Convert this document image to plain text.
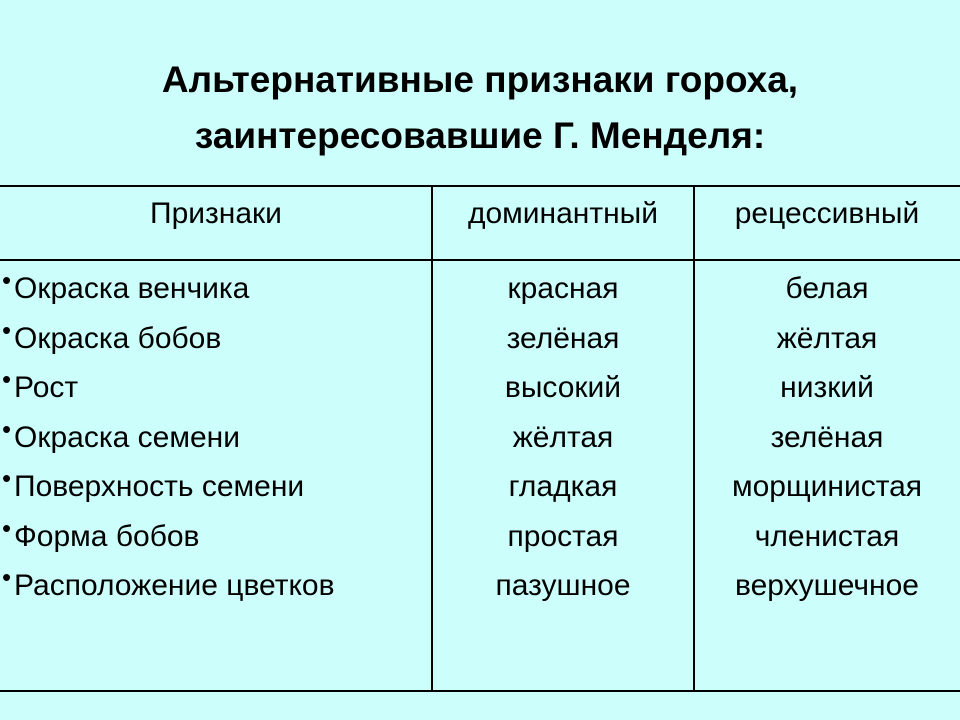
Альтернативные признаки гороха,
заинтересовавшие Г. Менделя:
Признаки	доминантный	рецессивный
• Окраска венчика
• Окраска бобов
• Рост
• Окраска семени
• Поверхность семени
• Форма бобов
• Расположение цветков
красная
зелёная
высокий
жёлтая
гладкая
простая
пазушное
белая
жёлтая
низкий
зелёная
морщинистая
членистая
верхушечное
